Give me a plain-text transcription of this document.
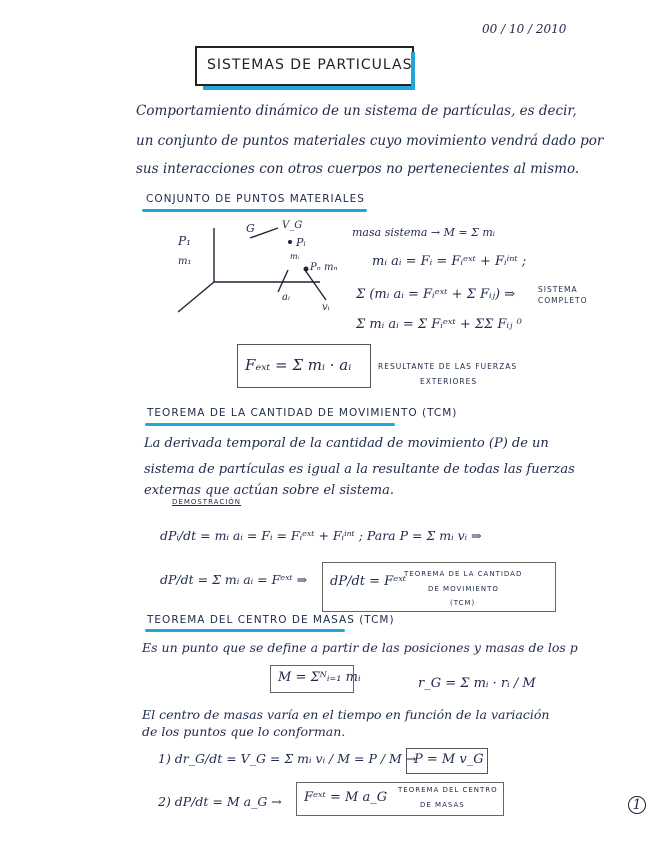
00 / 10 / 2010
SISTEMAS DE PARTICULAS
Comportamiento dinámico de un sistema de partículas, es decir,
un conjunto de puntos materiales cuyo movimiento vendrá dado por
sus interacciones con otros cuerpos no pertenecientes al mismo.
CONJUNTO DE PUNTOS MATERIALES
P₁
m₁
G	V_G
Pᵢ
mᵢ
Pₙ mₙ
aᵢ
vᵢ
masa sistema → M = Σ mᵢ
mᵢ aᵢ = Fᵢ = Fᵢᵉˣᵗ + Fᵢⁱⁿᵗ ;
Σ (mᵢ aᵢ = Fᵢᵉˣᵗ + Σ Fᵢⱼ) ⇒	SISTEMA COMPLETO
Σ mᵢ aᵢ = Σ Fᵢᵉˣᵗ + ΣΣ Fᵢⱼ ⁰
Fₑₓₜ = Σ mᵢ · aᵢ	RESULTANTE DE LAS FUERZAS
EXTERIORES
TEOREMA DE LA CANTIDAD DE MOVIMIENTO (TCM)
La derivada temporal de la cantidad de movimiento (P) de un
sistema de partículas es igual a la resultante de todas las fuerzas
externas que actúan sobre el sistema.
DEMOSTRACIÓN
dPᵢ/dt = mᵢ aᵢ = Fᵢ = Fᵢᵉˣᵗ + Fᵢⁱⁿᵗ ; Para P = Σ mᵢ vᵢ ⇒
dP/dt = Σ mᵢ aᵢ = Fᵉˣᵗ ⇒ dP/dt = Fᵉˣᵗ
TEOREMA DE LA CANTIDAD
DE MOVIMIENTO
(TCM)
TEOREMA DEL CENTRO DE MASAS (TCM)
Es un punto que se define a partir de las posiciones y masas de los p
M = Σᴺᵢ₌₁ mᵢ	r_G = Σ mᵢ · rᵢ / M
El centro de masas varía en el tiempo en función de la variación
de los puntos que lo conforman.
1) dr_G/dt = V_G = Σ mᵢ vᵢ / M = P / M →
P = M v_G
2) dP/dt = M a_G → Fᵉˣᵗ = M a_G TEOREMA DEL CENTRO
DE MASAS	1
